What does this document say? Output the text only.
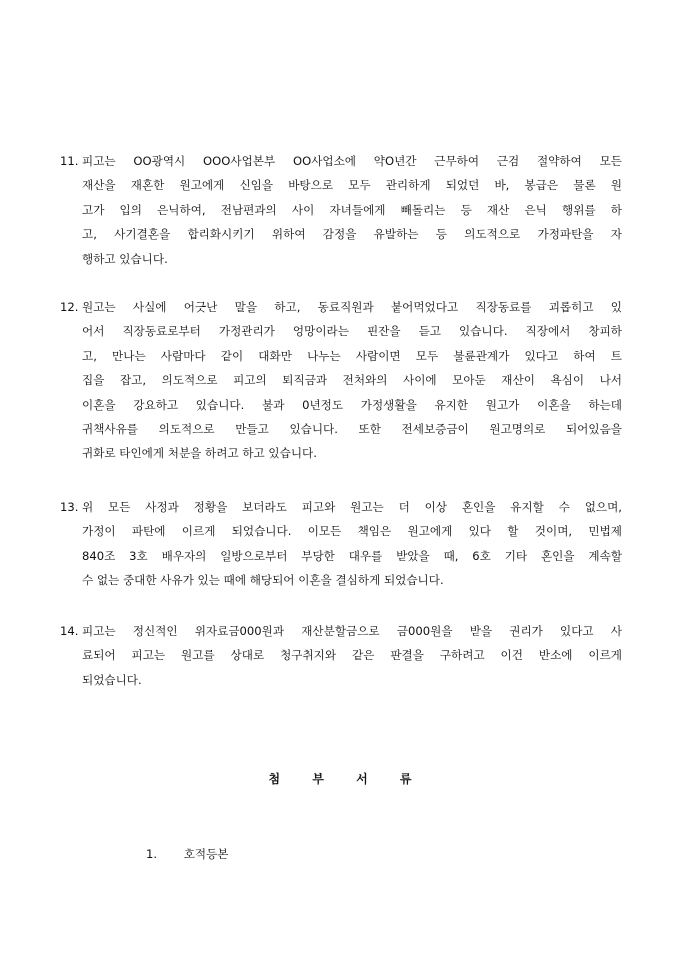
11. 피고는 OO광역시 OOO사업본부 OO사업소에 약O년간 근무하여 근검 절약하여 모든
재산을 재혼한 원고에게 신임을 바탕으로 모두 관리하게 되었던 바, 봉급은 물론 원
고가 입의 은닉하여, 전남편과의 사이 자녀들에게 빼돌리는 등 재산 은닉 행위를 하
고, 사기결혼을 합리화시키기 위하여 감정을 유발하는 등 의도적으로 가정파탄을 자
행하고 있습니다.
12. 원고는 사실에 어긋난 말을 하고, 동료직원과 붙어먹었다고 직장동료를 괴롭히고 있
어서 직장동료로부터 가정관리가 엉망이라는 핀잔을 듣고 있습니다. 직장에서 창피하
고, 만나는 사람마다 같이 대화만 나누는 사람이면 모두 불륜관계가 있다고 하여 트
집을 잡고, 의도적으로 피고의 퇴직금과 전처와의 사이에 모아둔 재산이 욕심이 나서
이혼을 강요하고 있습니다. 불과 0년정도 가정생활을 유지한 원고가 이혼을 하는데
귀책사유를 의도적으로 만들고 있습니다. 또한 전세보증금이 원고명의로 되어있음을
귀화로 타인에게 처분을 하려고 하고 있습니다.
13. 위 모든 사정과 정황을 보더라도 피고와 원고는 더 이상 혼인을 유지할 수 없으며,
가정이 파탄에 이르게 되었습니다. 이모든 책임은 원고에게 있다 할 것이며, 민법제
840조 3호 배우자의 일방으로부터 부당한 대우를 받았을 때, 6호 기타 혼인을 계속할
수 없는 중대한 사유가 있는 때에 해당되어 이혼을 결심하게 되었습니다.
14. 피고는 정신적인 위자료금000원과 재산분할금으로 금000원을 받을 권리가 있다고 사
료되어 피고는 원고를 상대로 청구취지와 같은 판결을 구하려고 이건 반소에 이르게
되었습니다.
첨	부	서	류
1. 호적등본
